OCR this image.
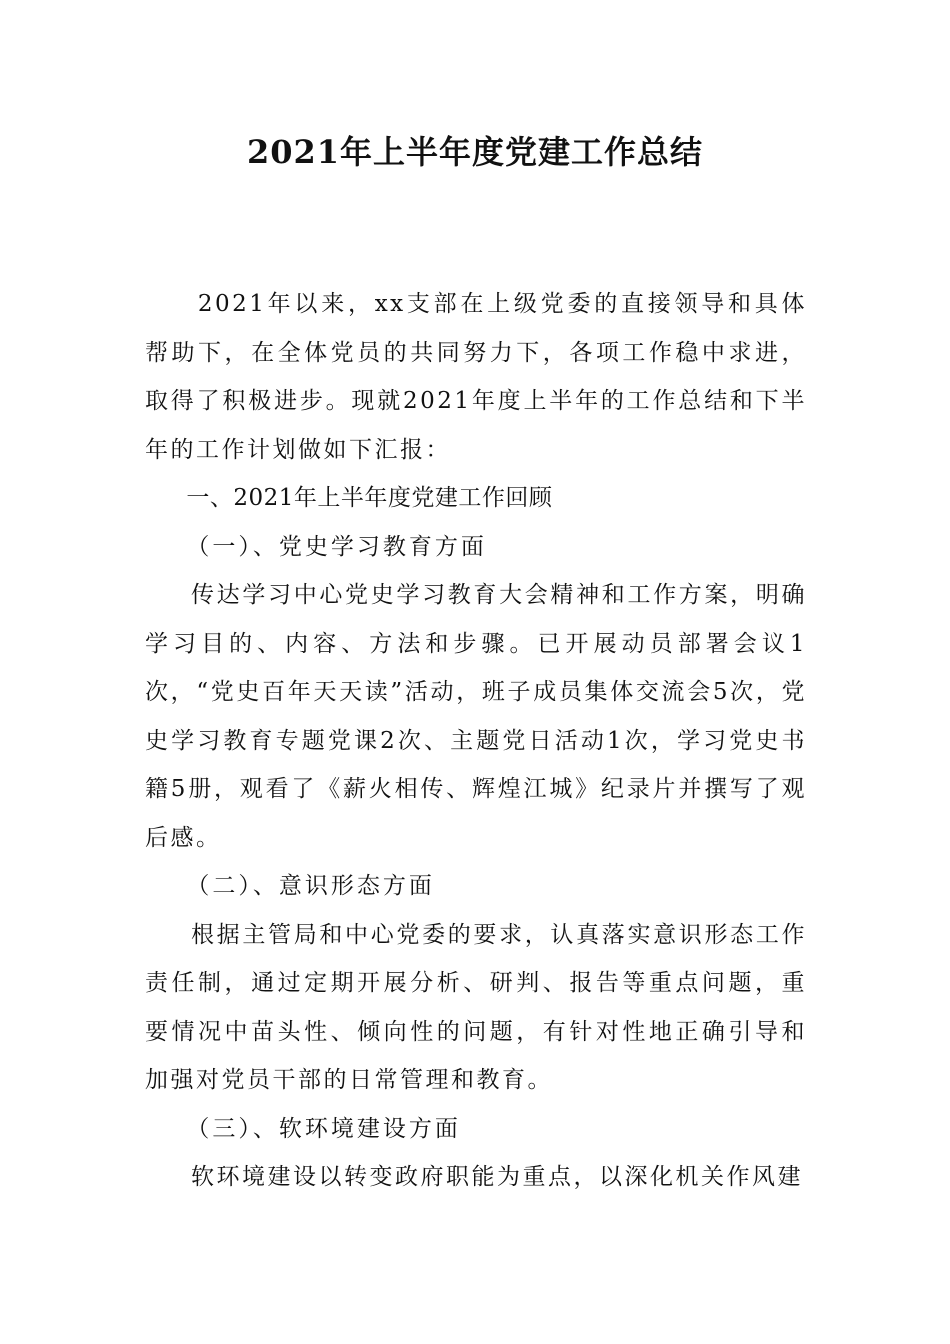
2021年上半年度党建工作总结

2021年以来，xx支部在上级党委的直接领导和具体帮助下，在全体党员的共同努力下，各项工作稳中求进，取得了积极进步。现就2021年度上半年的工作总结和下半年的工作计划做如下汇报：

一、2021年上半年度党建工作回顾

（一）、党史学习教育方面

传达学习中心党史学习教育大会精神和工作方案，明确学习目的、内容、方法和步骤。已开展动员部署会议1次，“党史百年天天读”活动，班子成员集体交流会5次，党史学习教育专题党课2次、主题党日活动1次，学习党史书籍5册，观看了《薪火相传、辉煌江城》纪录片并撰写了观后感。

（二）、意识形态方面

根据主管局和中心党委的要求，认真落实意识形态工作责任制，通过定期开展分析、研判、报告等重点问题，重要情况中苗头性、倾向性的问题，有针对性地正确引导和加强对党员干部的日常管理和教育。

（三）、软环境建设方面

软环境建设以转变政府职能为重点，以深化机关作风建
